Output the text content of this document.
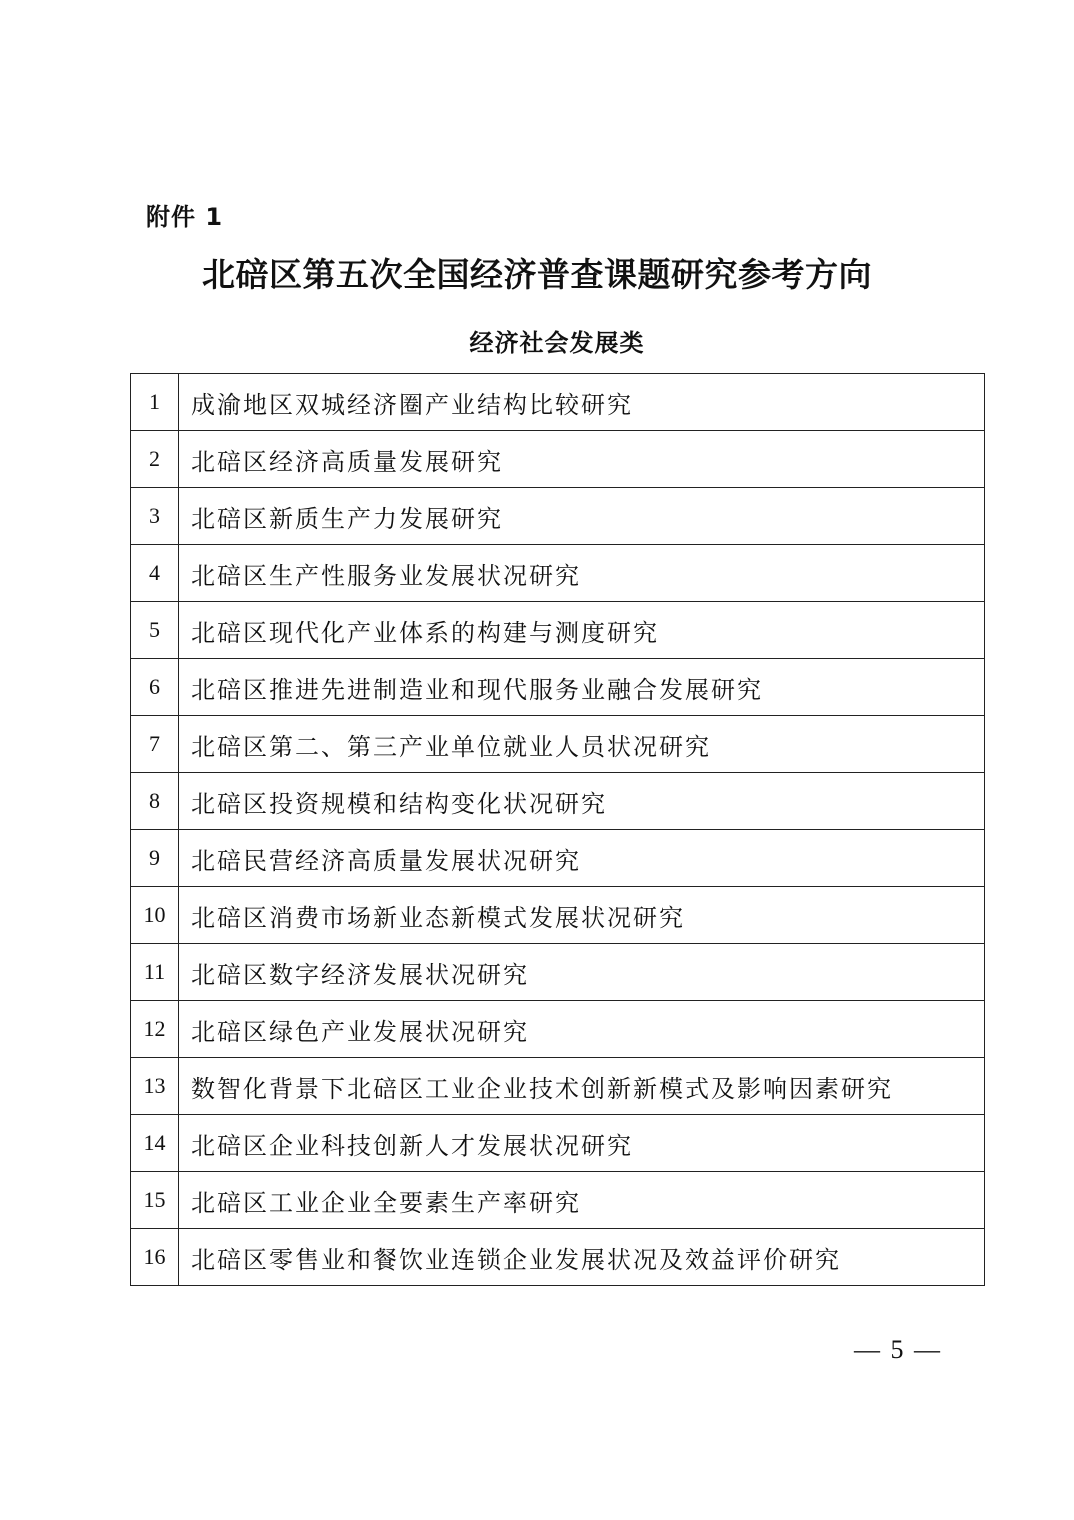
附件 1
北碚区第五次全国经济普查课题研究参考方向
经济社会发展类
1	成渝地区双城经济圈产业结构比较研究
2	北碚区经济高质量发展研究
3	北碚区新质生产力发展研究
4	北碚区生产性服务业发展状况研究
5	北碚区现代化产业体系的构建与测度研究
6	北碚区推进先进制造业和现代服务业融合发展研究
7	北碚区第二、第三产业单位就业人员状况研究
8	北碚区投资规模和结构变化状况研究
9	北碚民营经济高质量发展状况研究
10	北碚区消费市场新业态新模式发展状况研究
11	北碚区数字经济发展状况研究
12	北碚区绿色产业发展状况研究
13	数智化背景下北碚区工业企业技术创新新模式及影响因素研究
14	北碚区企业科技创新人才发展状况研究
15	北碚区工业企业全要素生产率研究
16	北碚区零售业和餐饮业连锁企业发展状况及效益评价研究
— 5 —
